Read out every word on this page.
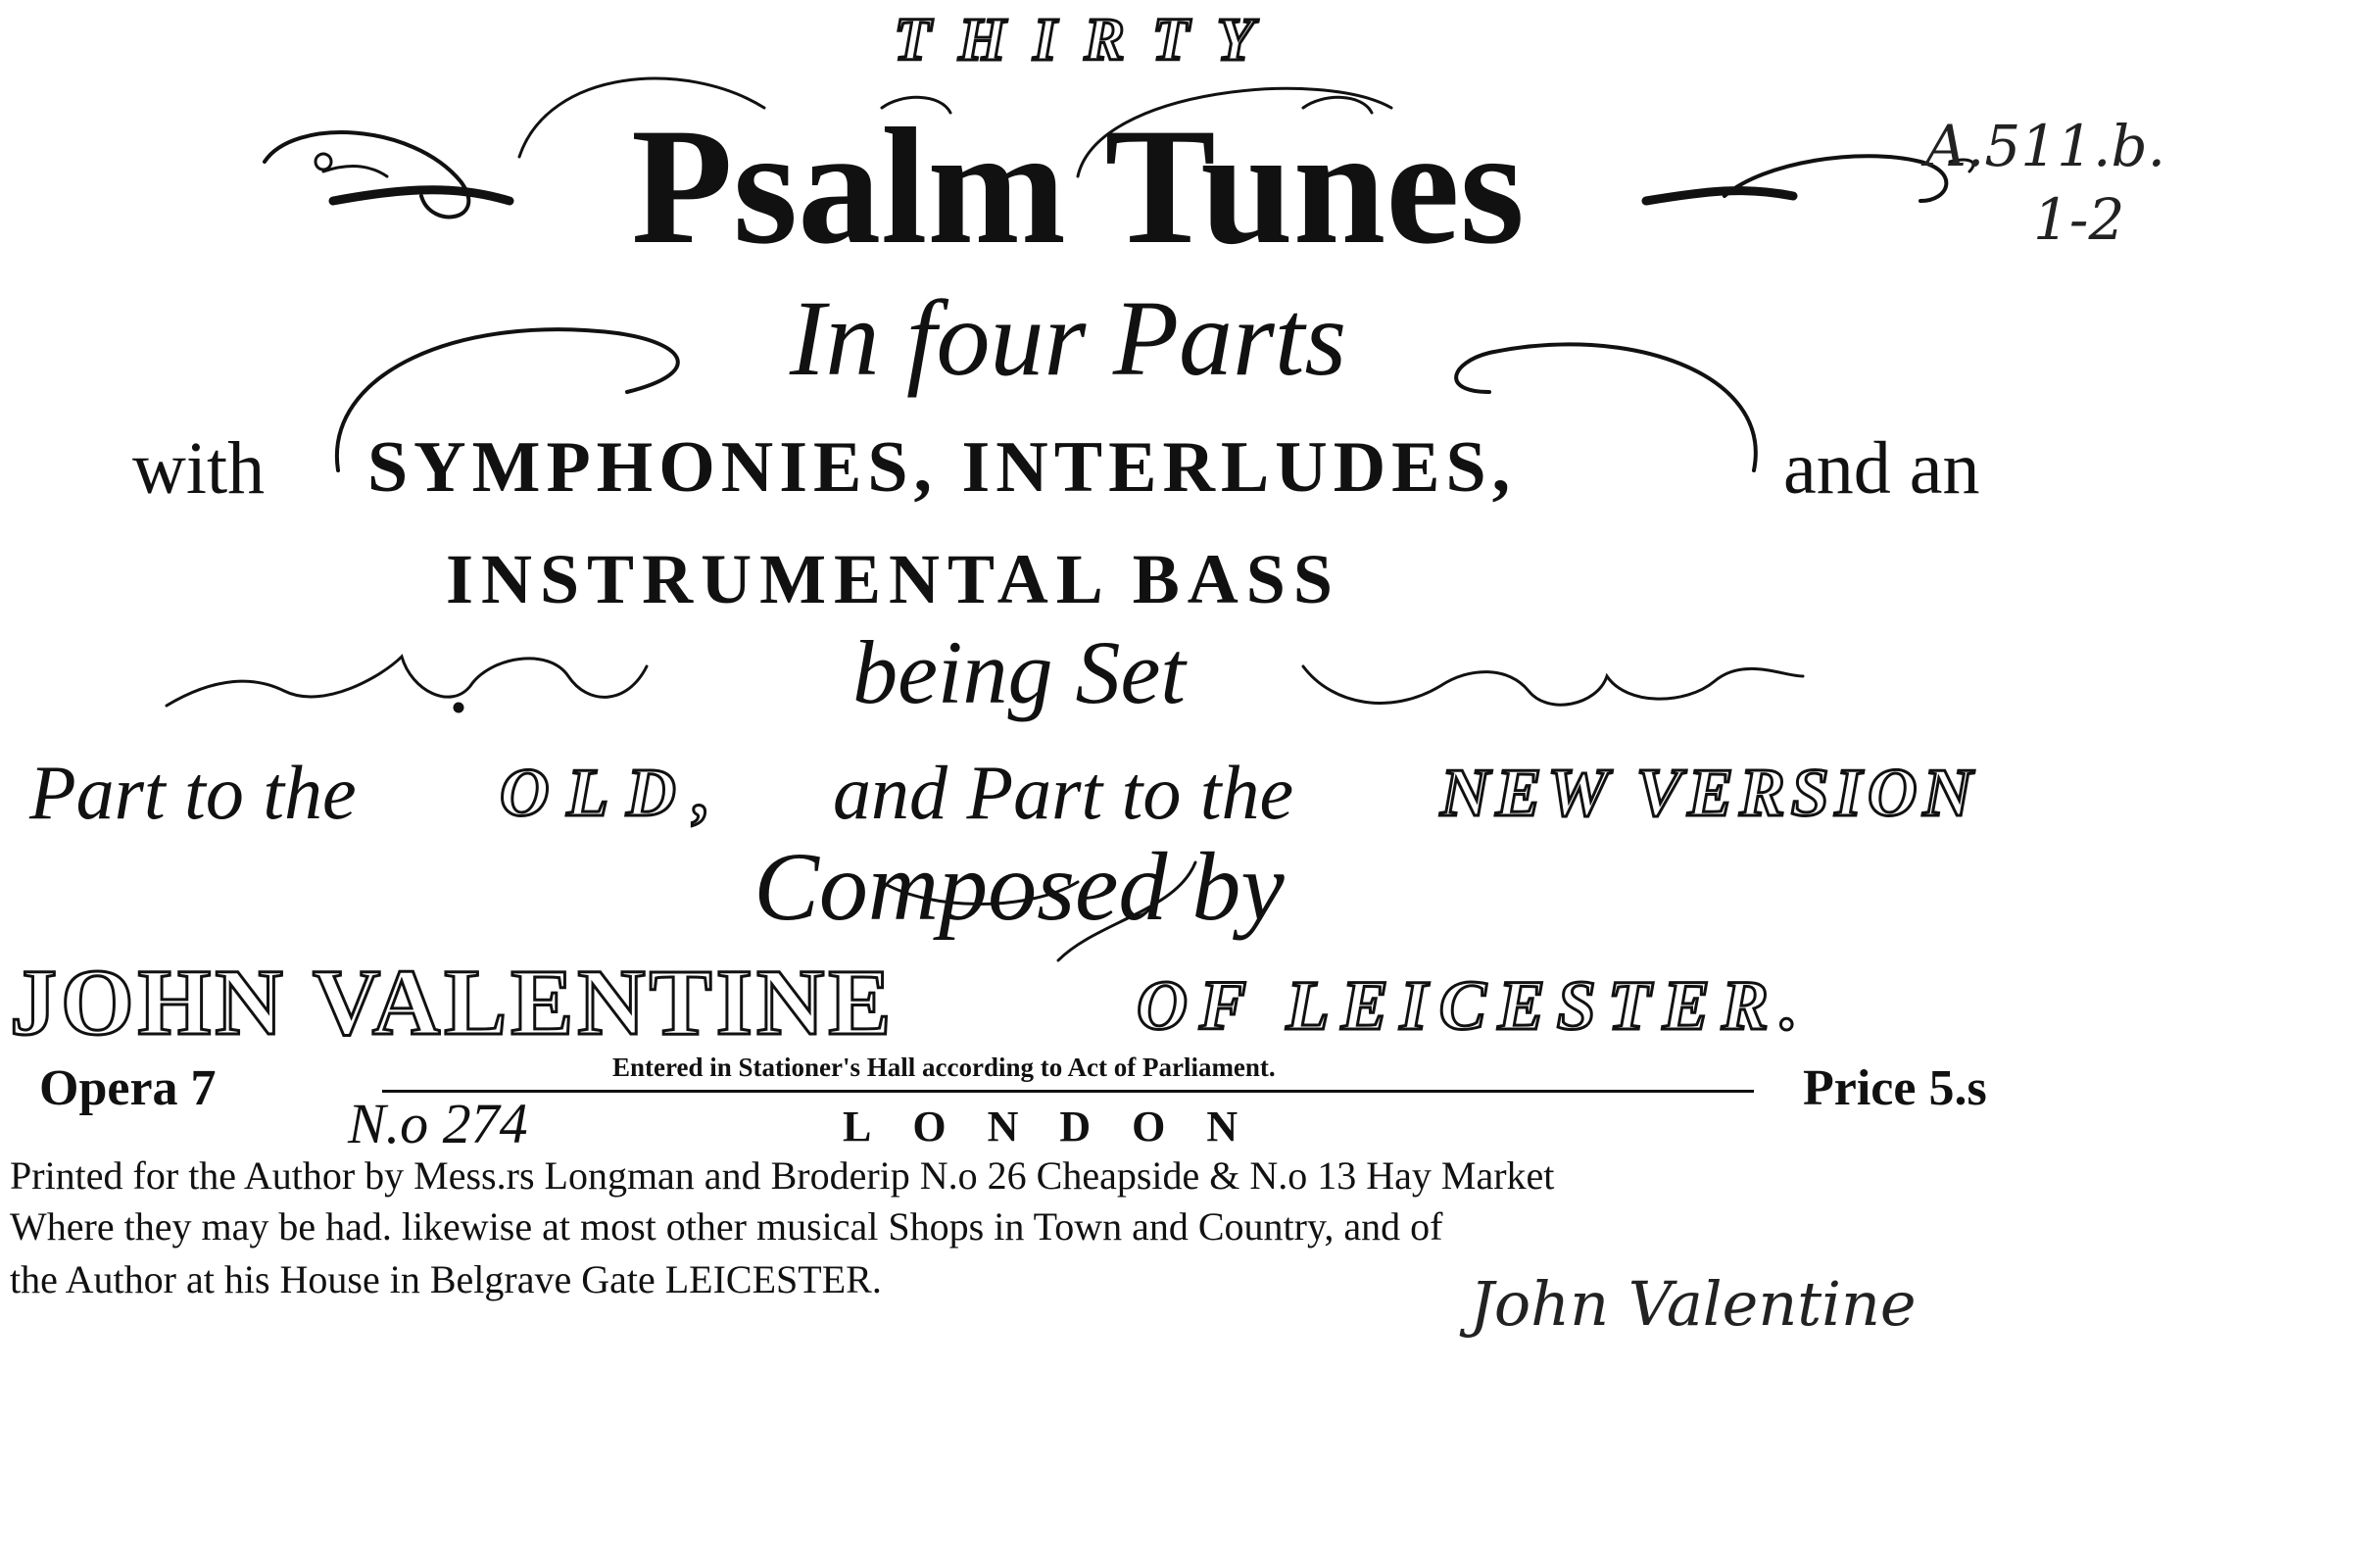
THIRTY
Psalm Tunes
In four Parts
with SYMPHONIES, INTERLUDES,	and an
INSTRUMENTAL BASS
being Set
Part to the OLD, and Part to the NEW VERSION
Composed by
JOHN VALENTINE	OF LEICESTER.
Opera 7	Entered in Stationer's Hall according to Act of Parliament.	Price 5.s
N.o 274	LONDON
Printed for the Author by Mess.rs Longman and Broderip N.o 26 Cheapside & N.o 13 Hay Market
Where they may be had. likewise at most other musical Shops in Town and Country, and of
the Author at his House in Belgrave Gate LEICESTER.	John Valentine
A.511.b.
1-2
